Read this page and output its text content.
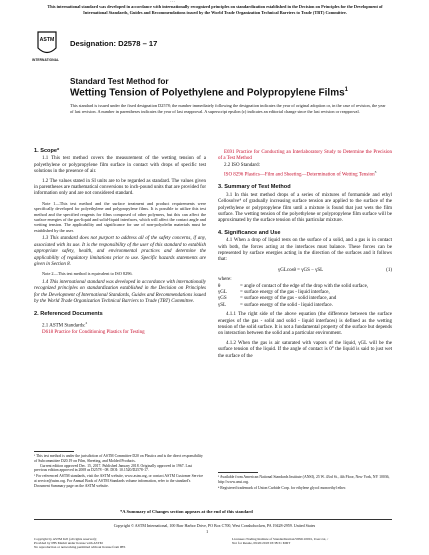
···
This international standard was developed in accordance with internationally recognized principles on standardization established in the Decision on Principles for the Development of International Standards, Guides and Recommendations issued by the World Trade Organization Technical Barriers to Trade (TBT) Committee.
ASTM
INTERNATIONAL
Designation: D2578 – 17
Standard Test Method for
Wetting Tension of Polyethylene and Polypropylene Films$^1$
This standard is issued under the fixed designation D2578; the number immediately following the designation indicates the year of original adoption or, in the case of revision, the year of last revision. A number in parentheses indicates the year of last reapproval. A superscript epsilon (ε) indicates an editorial change since the last revision or reapproval.
1. Scope*
1.1 This test method covers the measurement of the wetting tension of a polyethylene or polypropylene film surface in contact with drops of specific test solutions in the presence of air.
1.2 The values stated in SI units are to be regarded as standard. The values given in parentheses are mathematical conversions to inch-pound units that are provided for information only and are not considered standard.
Note 1—This test method and the surface treatment and product requirements were specifically developed for polyethylene and polypropylene films. It is possible to utilize this test method and the specified reagents for films composed of other polymers, but this can affect the surface energies of the gas-liquid and solid-liquid interfaces, which will affect the contact angle and wetting tension. The applicability and significance for use of non-polyolefin materials must be established by the user.
1.3 This standard does not purport to address all of the safety concerns, if any, associated with its use. It is the responsibility of the user of this standard to establish appropriate safety, health, and environmental practices and determine the applicability of regulatory limitations prior to use. Specific hazards statements are given in Section 8.
Note 2—This test method is equivalent to ISO 8296.
1.4 This international standard was developed in accordance with internationally recognized principles on standardization established in the Decision on Principles for the Development of International Standards, Guides and Recommendations issued by the World Trade Organization Technical Barriers to Trade (TBT) Committee.
2. Referenced Documents
2.1 ASTM Standards:$^2$
D618 Practice for Conditioning Plastics for Testing
¹ This test method is under the jurisdiction of ASTM Committee D20 on Plastics and is the direct responsibility of Subcommittee D20.19 on Film, Sheeting, and Molded Products.
Current edition approved Dec. 15, 2017. Published January 2018. Originally approved in 1967. Last previous edition approved in 2008 as D2578 - 08. DOI: 10.1520/D2578-17.
² For referenced ASTM standards, visit the ASTM website, www.astm.org, or contact ASTM Customer Service at service@astm.org. For Annual Book of ASTM Standards volume information, refer to the standard's Document Summary page on the ASTM website.
E691 Practice for Conducting an Interlaboratory Study to Determine the Precision of a Test Method
2.2 ISO Standard:
ISO 8296 Plastics—Film and Sheeting—Determination of Wetting Tension$^3$
3. Summary of Test Method
3.1 In this test method drops of a series of mixtures of formamide and ethyl Cellosolve⁴ of gradually increasing surface tension are applied to the surface of the polyethylene or polypropylene film until a mixture is found that just wets the film surface. The wetting tension of the polyethylene or polypropylene film surface will be approximated by the surface tension of this particular mixture.
4. Significance and Use
4.1 When a drop of liquid rests on the surface of a solid, and a gas is in contact with both, the forces acting at the interfaces must balance. These forces can be represented by surface energies acting in the direction of the surfaces and it follows that:
γGLcosθ = γGS − γSL	(1)
where:
θ	= angle of contact of the edge of the drop with the solid surface,
γGL	= surface energy of the gas - liquid interface,
γGS	= surface energy of the gas - solid interface, and
γSL	= surface energy of the solid - liquid interface.
4.1.1 The right side of the above equation (the difference between the surface energies of the gas - solid and solid - liquid interfaces) is defined as the wetting tension of the solid surface. It is not a fundamental property of the surface but depends on interaction between the solid and a particular environment.
4.1.2 When the gas is air saturated with vapors of the liquid, γGL will be the surface tension of the liquid. If the angle of contact is 0° the liquid is said to just wet the surface of the
³ Available from American National Standards Institute (ANSI), 25 W. 43rd St., 4th Floor, New York, NY 10036, http://www.ansi.org.
⁴ Registered trademark of Union Carbide Corp. for ethylene glycol monoethyl ether.
*A Summary of Changes section appears at the end of this standard
Copyright © ASTM International, 100 Barr Harbor Drive, PO Box C700, West Conshohocken, PA 19428-2959. United States
1
Copyright by ASTM Int'l (all rights reserved);
Provided by IHS Markit under license with ASTM
No reproduction or networking permitted without license from IHS
Licensee=Trading Institute of Standardization/5956110001, User=xx, /
Not for Resale, 09/20/2018 03:38:31 MDT
